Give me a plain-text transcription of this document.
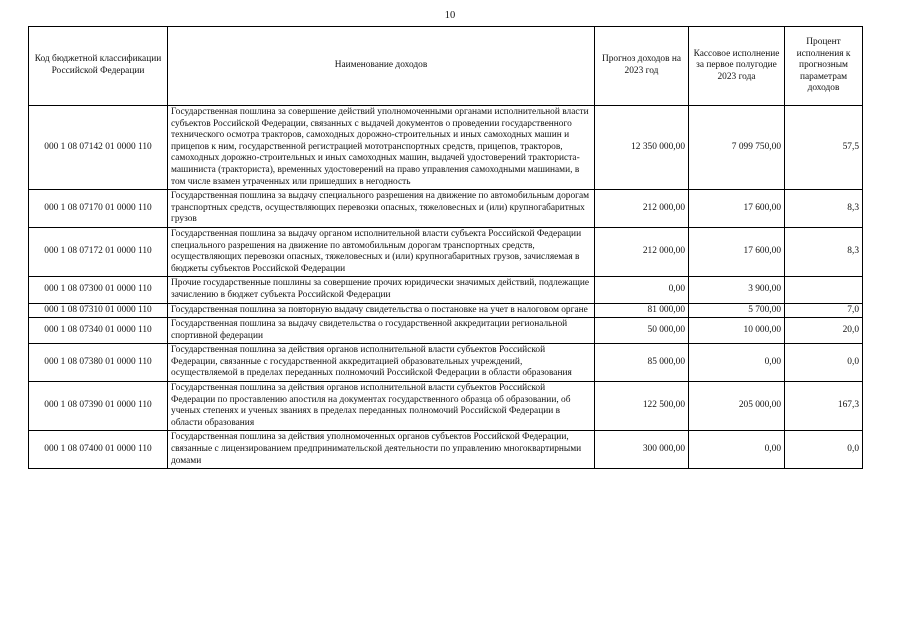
10
Код бюджетной классификации Российской Федерации	Наименование доходов	Прогноз доходов на 2023 год	Кассовое исполнение за первое полугодие 2023 года	Процент исполнения к прогнозным параметрам доходов
000 1 08 07142 01 0000 110	Государственная пошлина за совершение действий уполномоченными органами исполнительной власти субъектов Российской Федерации, связанных с выдачей документов о проведении государственного технического осмотра тракторов, самоходных дорожно-строительных и иных самоходных машин и прицепов к ним, государственной регистрацией мототранспортных средств, прицепов, тракторов, самоходных дорожно-строительных и иных самоходных машин, выдачей удостоверений тракториста-машиниста (тракториста), временных удостоверений на право управления самоходными машинами, в том числе взамен утраченных или пришедших в негодность	12 350 000,00	7 099 750,00	57,5
000 1 08 07170 01 0000 110	Государственная пошлина за выдачу специального разрешения на движение по автомобильным дорогам транспортных средств, осуществляющих перевозки опасных, тяжеловесных и (или) крупногабаритных грузов	212 000,00	17 600,00	8,3
000 1 08 07172 01 0000 110	Государственная пошлина за выдачу органом исполнительной власти субъекта Российской Федерации специального разрешения на движение по автомобильным дорогам транспортных средств, осуществляющих перевозки опасных, тяжеловесных и (или) крупногабаритных грузов, зачисляемая в бюджеты субъектов Российской Федерации	212 000,00	17 600,00	8,3
000 1 08 07300 01 0000 110	Прочие государственные пошлины за совершение прочих юридически значимых действий, подлежащие зачислению в бюджет субъекта Российской Федерации	0,00	3 900,00	
000 1 08 07310 01 0000 110	Государственная пошлина за повторную выдачу свидетельства о постановке на учет в налоговом органе	81 000,00	5 700,00	7,0
000 1 08 07340 01 0000 110	Государственная пошлина за выдачу свидетельства о государственной аккредитации региональной спортивной федерации	50 000,00	10 000,00	20,0
000 1 08 07380 01 0000 110	Государственная пошлина за действия органов исполнительной власти субъектов Российской Федерации, связанные с государственной аккредитацией образовательных учреждений, осуществляемой в пределах переданных полномочий Российской Федерации в области образования	85 000,00	0,00	0,0
000 1 08 07390 01 0000 110	Государственная пошлина за действия органов исполнительной власти субъектов Российской Федерации по проставлению апостиля на документах государственного образца об образовании, об ученых степенях и ученых званиях в пределах переданных полномочий Российской Федерации в области образования	122 500,00	205 000,00	167,3
000 1 08 07400 01 0000 110	Государственная пошлина за действия уполномоченных органов субъектов Российской Федерации, связанные с лицензированием предпринимательской деятельности по управлению многоквартирными домами	300 000,00	0,00	0,0
